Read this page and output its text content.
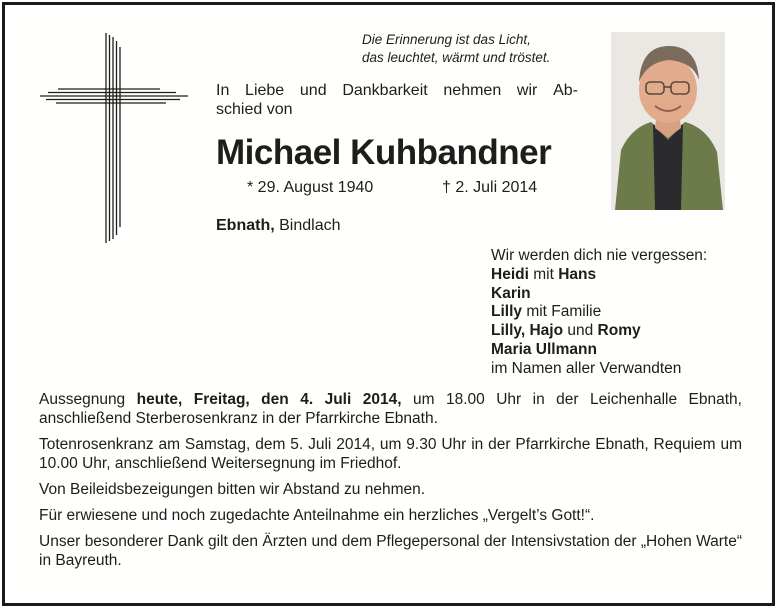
Die Erinnerung ist das Licht,
das leuchtet, wärmt und tröstet.
In Liebe und Dankbarkeit nehmen wir Ab-
schied von
Michael Kuhbandner
* 29. August 1940	† 2. Juli 2014
Ebnath, Bindlach
Wir werden dich nie vergessen:
Heidi mit Hans
Karin
Lilly mit Familie
Lilly, Hajo und Romy
Maria Ullmann
im Namen aller Verwandten

Aussegnung heute, Freitag, den 4. Juli 2014, um 18.00 Uhr in der Leichenhalle Ebnath, anschließend Sterberosenkranz in der Pfarrkirche Ebnath.

Totenrosenkranz am Samstag, dem 5. Juli 2014, um 9.30 Uhr in der Pfarrkirche Ebnath, Requiem um 10.00 Uhr, anschließend Weitersegnung im Friedhof.

Von Beileidsbezeigungen bitten wir Abstand zu nehmen.

Für erwiesene und noch zugedachte Anteilnahme ein herzliches „Vergelt’s Gott!“.

Unser besonderer Dank gilt den Ärzten und dem Pflegepersonal der Intensivstation der „Hohen Warte“ in Bayreuth.
